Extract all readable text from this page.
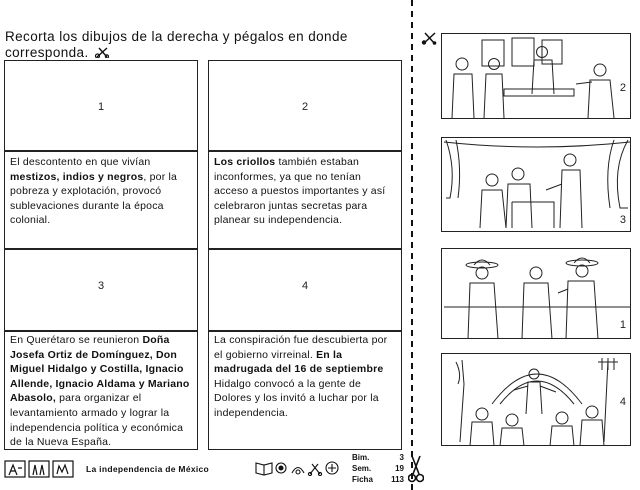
Recorta los dibujos de la derecha y pégalos en donde corresponda.
1
El descontento en que vivían mestizos, indios y negros, por la pobreza y explotación, provocó sublevaciones durante la época colonial.
2
Los criollos también estaban inconformes, ya que no tenían acceso a puestos importantes y así celebraron juntas secretas para planear su independencia.
3
En Querétaro se reunieron Doña Josefa Ortiz de Domínguez, Don Miguel Hidalgo y Costilla, Ignacio Allende, Ignacio Aldama y Mariano Abasolo, para organizar el levantamiento armado y lograr la independencia política y económica de la Nueva España.
4
La conspiración fue descubierta por el gobierno virreinal. En la madrugada del 16 de septiembre Hidalgo convocó a la gente de Dolores y los invitó a luchar por la independencia.
2
3
1
4
La independencia de México
Bim.	3
Sem.	19
Ficha	113
